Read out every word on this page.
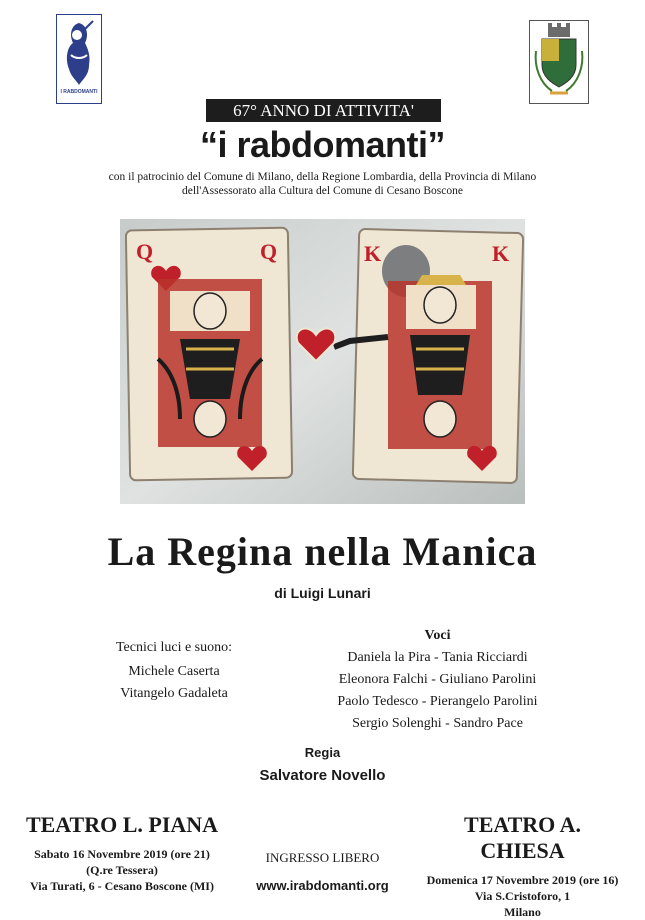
I RABDOMANTI
67° ANNO DI ATTIVITA'
“i rabdomanti”
con il patrocinio del Comune di Milano, della Regione Lombardia, della Provincia di Milano
dell'Assessorato alla Cultura del Comune di Cesano Boscone
Q	Q	K	K
La Regina nella Manica
di Luigi Lunari
Tecnici luci e suono:
Michele Caserta
Vitangelo Gadaleta
Voci
Daniela la Pira - Tania Ricciardi
Eleonora Falchi - Giuliano Parolini
Paolo Tedesco - Pierangelo Parolini
Sergio Solenghi - Sandro Pace
Regia
Salvatore Novello
TEATRO L. PIANA
Sabato 16 Novembre 2019 (ore 21)
(Q.re Tessera)
Via Turati, 6 - Cesano Boscone (MI)
TEATRO A. CHIESA
Domenica 17 Novembre 2019 (ore 16)
Via S.Cristoforo, 1
Milano
INGRESSO LIBERO
www.irabdomanti.org
